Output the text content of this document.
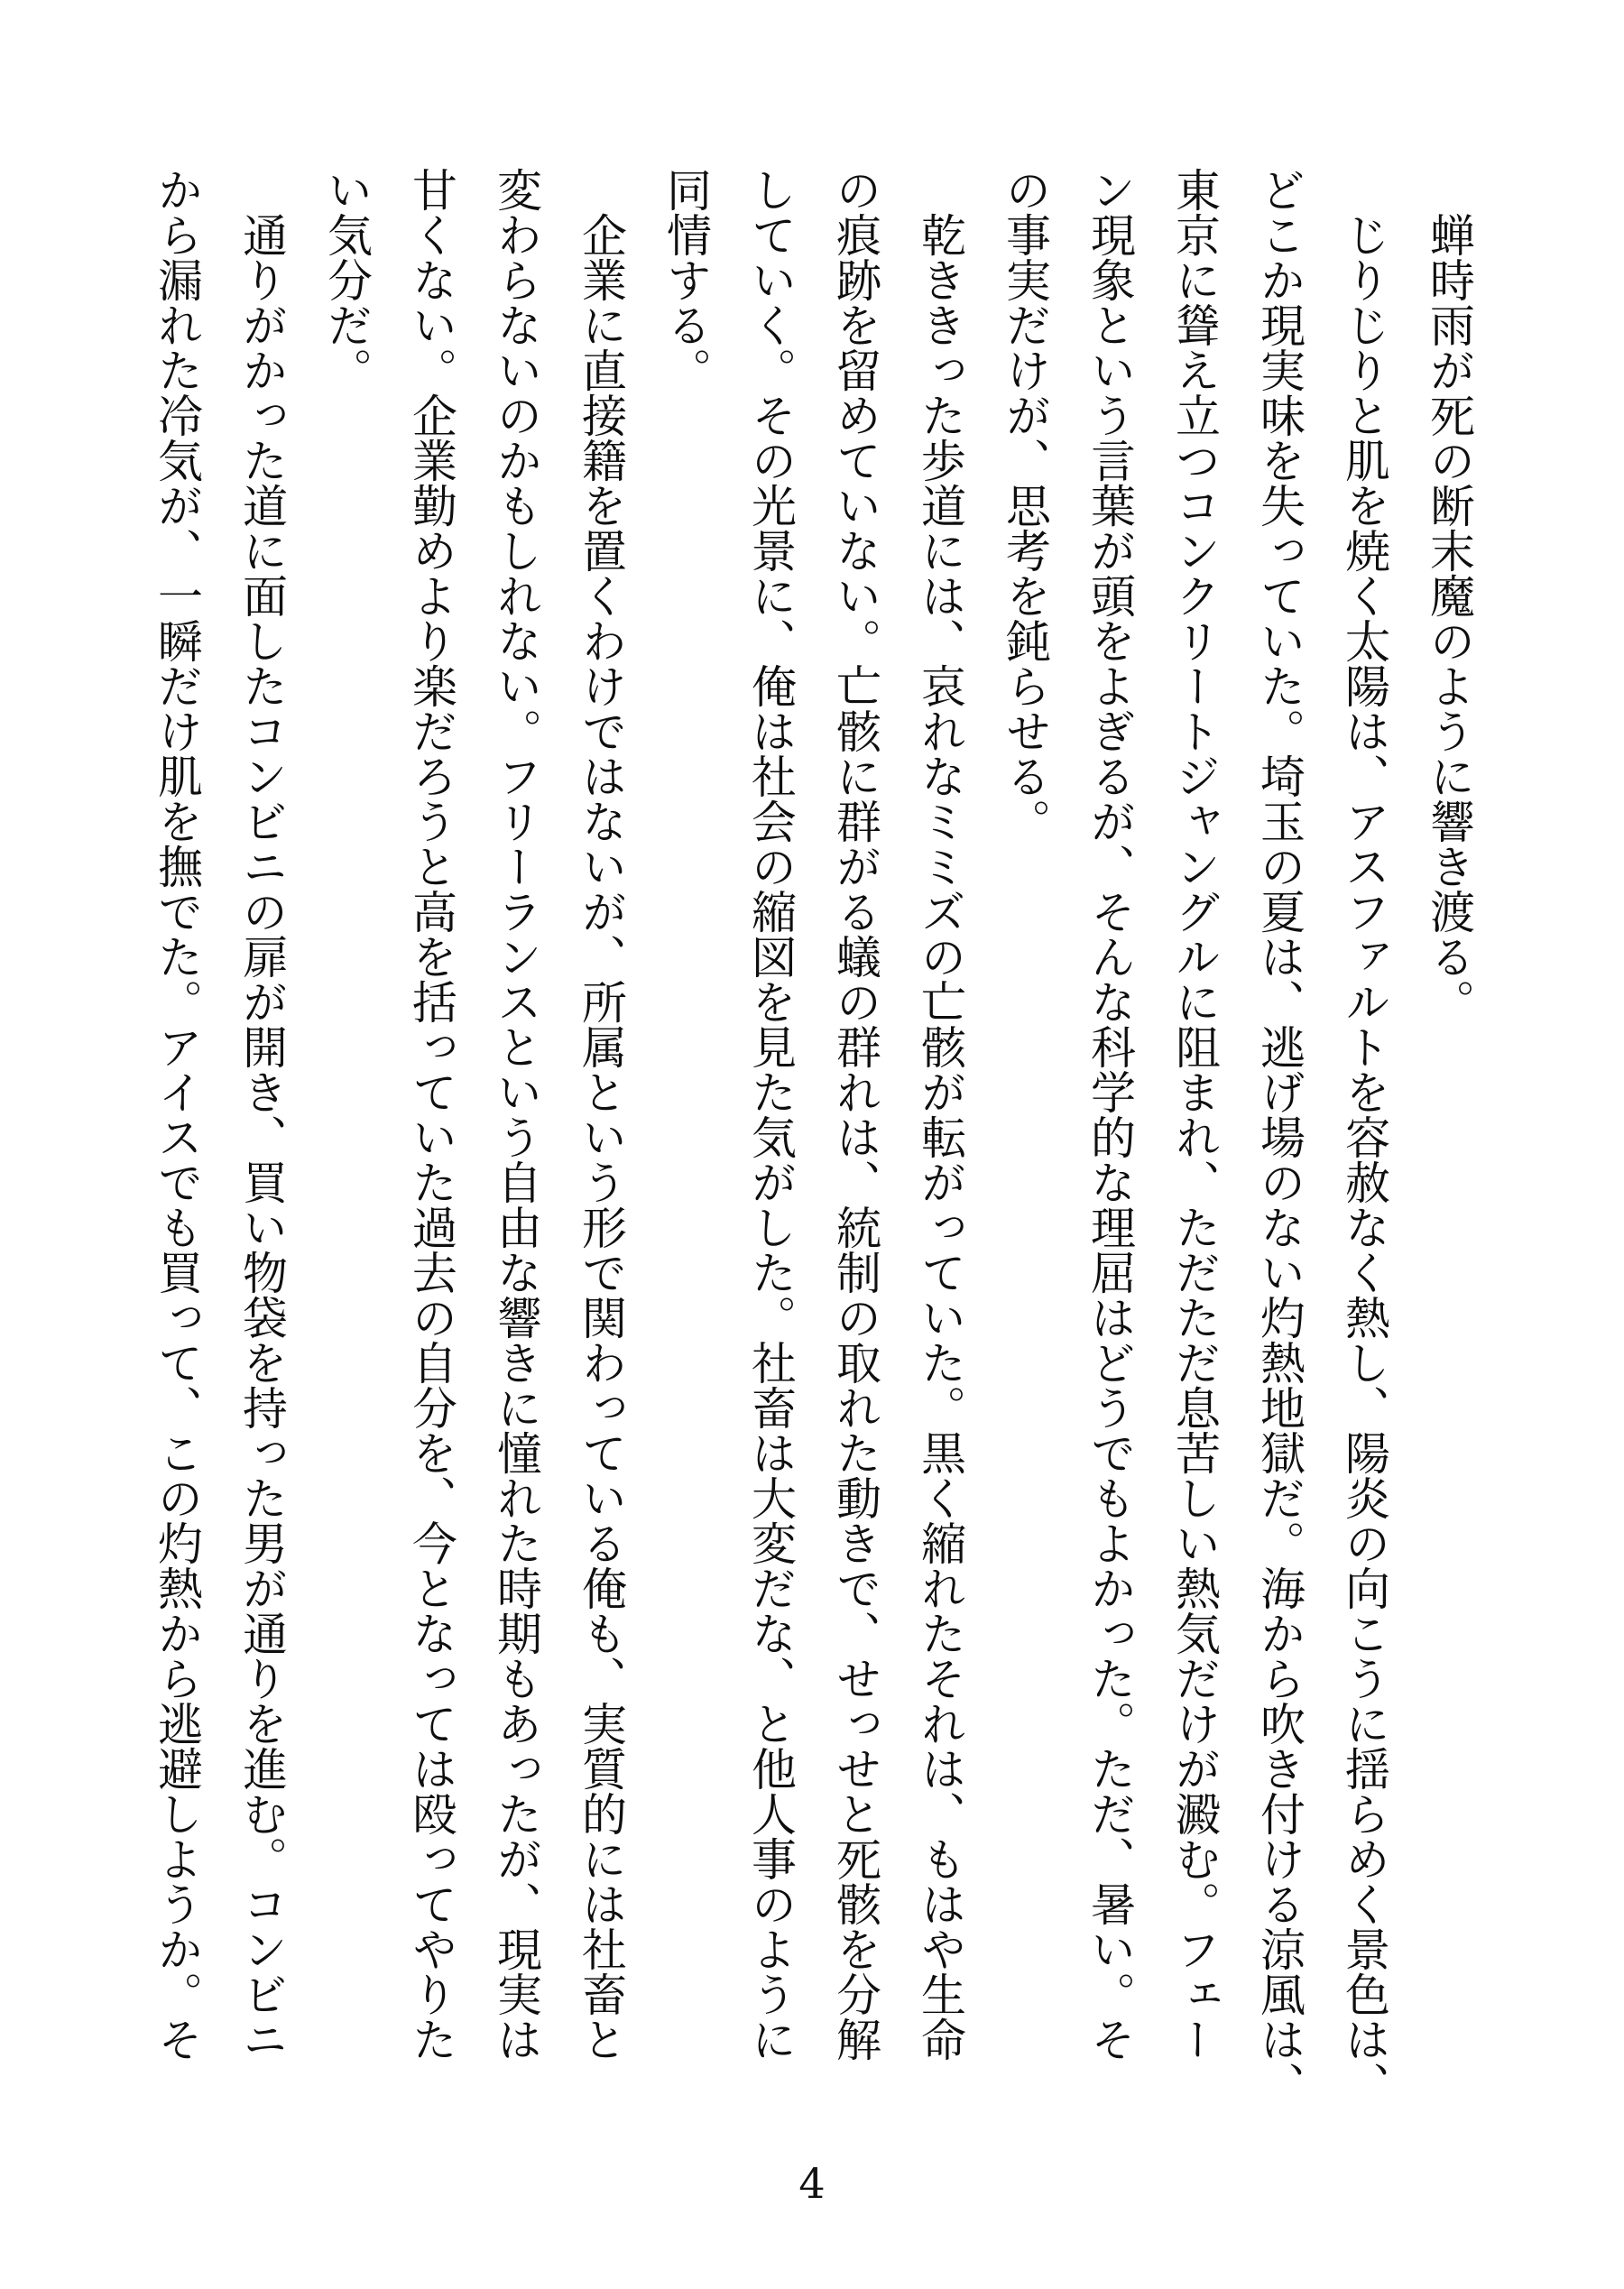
　蝉時雨が死の断末魔のように響き渡る。
　じりじりと肌を焼く太陽は、アスファルトを容赦なく熱し、陽炎の向こうに揺らめく景色は、
どこか現実味を失っていた。埼玉の夏は、逃げ場のない灼熱地獄だ。海から吹き付ける涼風は、
東京に聳え立つコンクリートジャングルに阻まれ、ただただ息苦しい熱気だけが澱む。フェー
ン現象という言葉が頭をよぎるが、そんな科学的な理屈はどうでもよかった。ただ、暑い。そ
の事実だけが、思考を鈍らせる。
　乾ききった歩道には、哀れなミミズの亡骸が転がっていた。黒く縮れたそれは、もはや生命
の痕跡を留めていない。亡骸に群がる蟻の群れは、統制の取れた動きで、せっせと死骸を分解
していく。その光景に、俺は社会の縮図を見た気がした。社畜は大変だな、と他人事のように
同情する。
　企業に直接籍を置くわけではないが、所属という形で関わっている俺も、実質的には社畜と
変わらないのかもしれない。フリーランスという自由な響きに憧れた時期もあったが、現実は
甘くない。企業勤めより楽だろうと高を括っていた過去の自分を、今となっては殴ってやりた
い気分だ。
　通りがかった道に面したコンビニの扉が開き、買い物袋を持った男が通りを進む。コンビニ
から漏れた冷気が、一瞬だけ肌を撫でた。アイスでも買って、この灼熱から逃避しようか。そ
4
